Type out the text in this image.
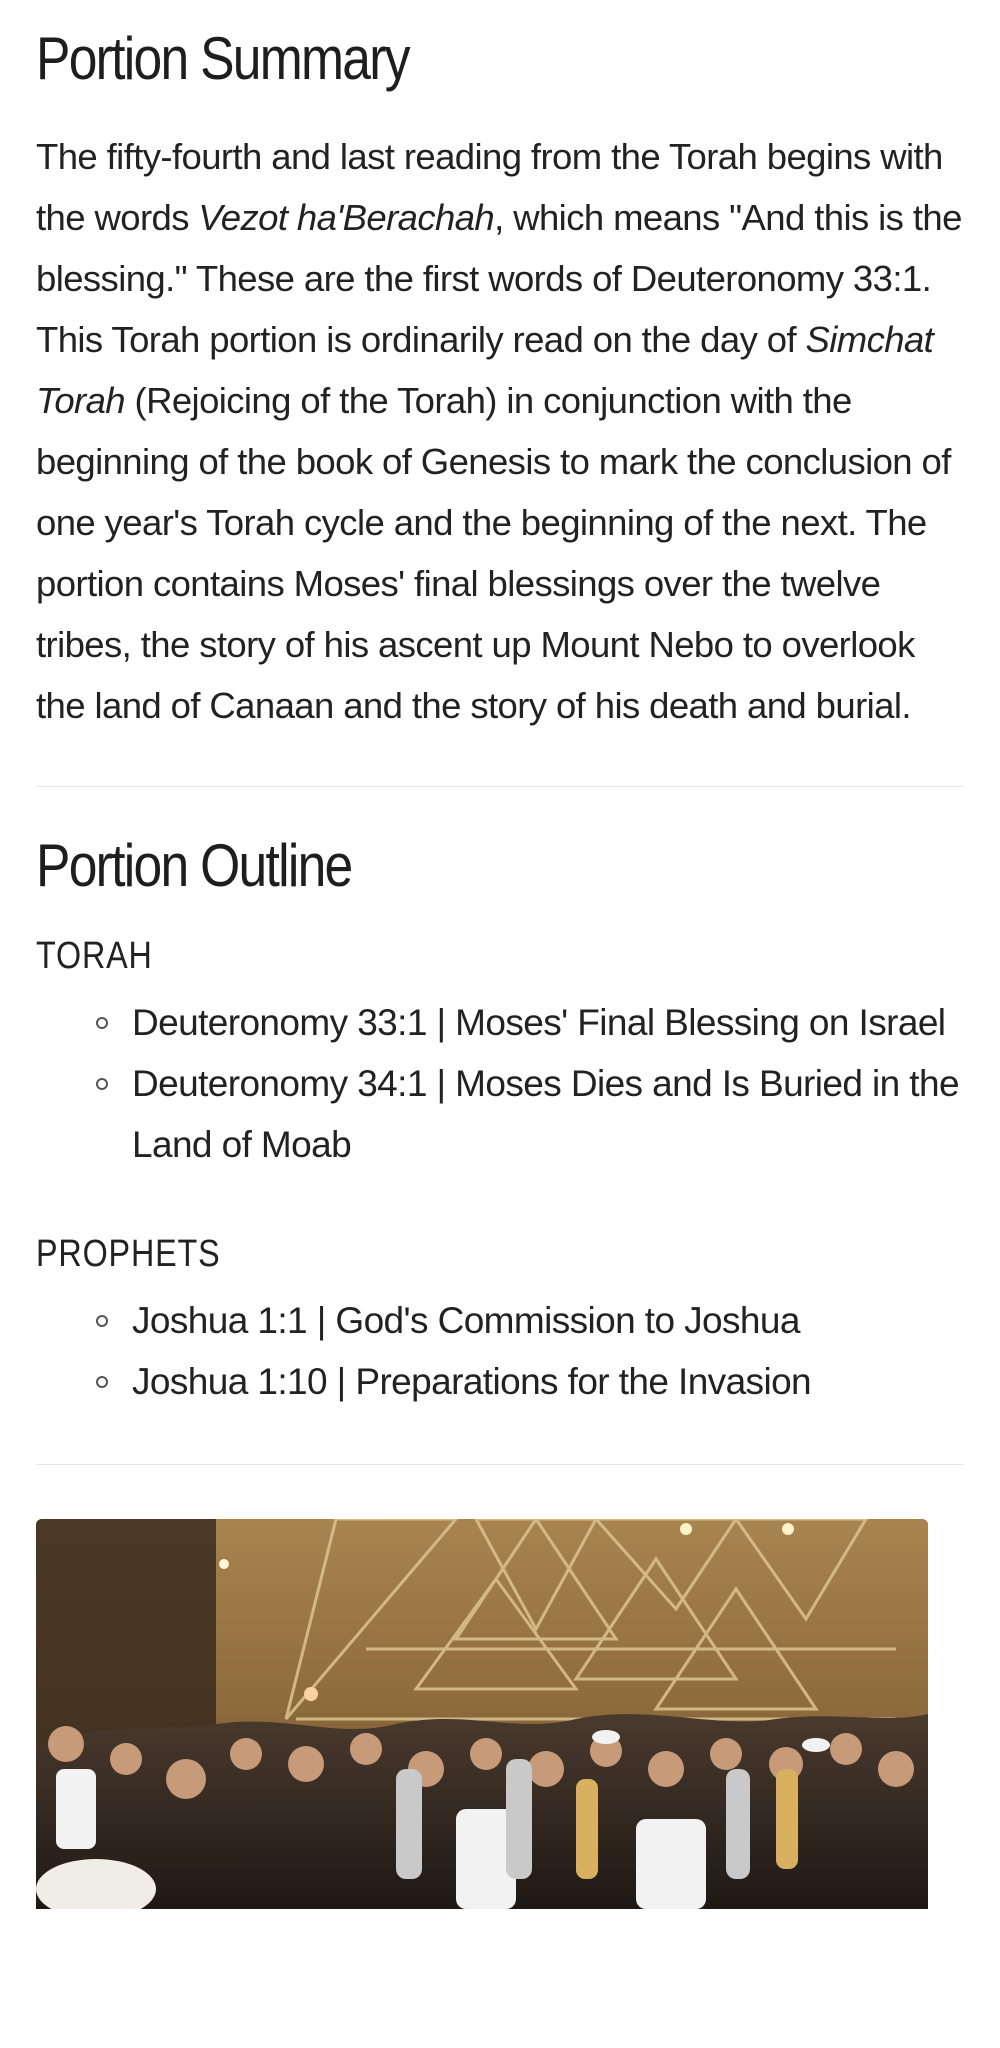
Portion Summary

The fifty-fourth and last reading from the Torah begins with the words Vezot ha'Berachah, which means "And this is the blessing." These are the first words of Deuteronomy 33:1. This Torah portion is ordinarily read on the day of Simchat Torah (Rejoicing of the Torah) in conjunction with the beginning of the book of Genesis to mark the conclusion of one year's Torah cycle and the beginning of the next. The portion contains Moses' final blessings over the twelve tribes, the story of his ascent up Mount Nebo to overlook the land of Canaan and the story of his death and burial.

Portion Outline
TORAH
Deuteronomy 33:1 | Moses' Final Blessing on Israel
Deuteronomy 34:1 | Moses Dies and Is Buried in the Land of Moab
PROPHETS
Joshua 1:1 | God's Commission to Joshua
Joshua 1:10 | Preparations for the Invasion
